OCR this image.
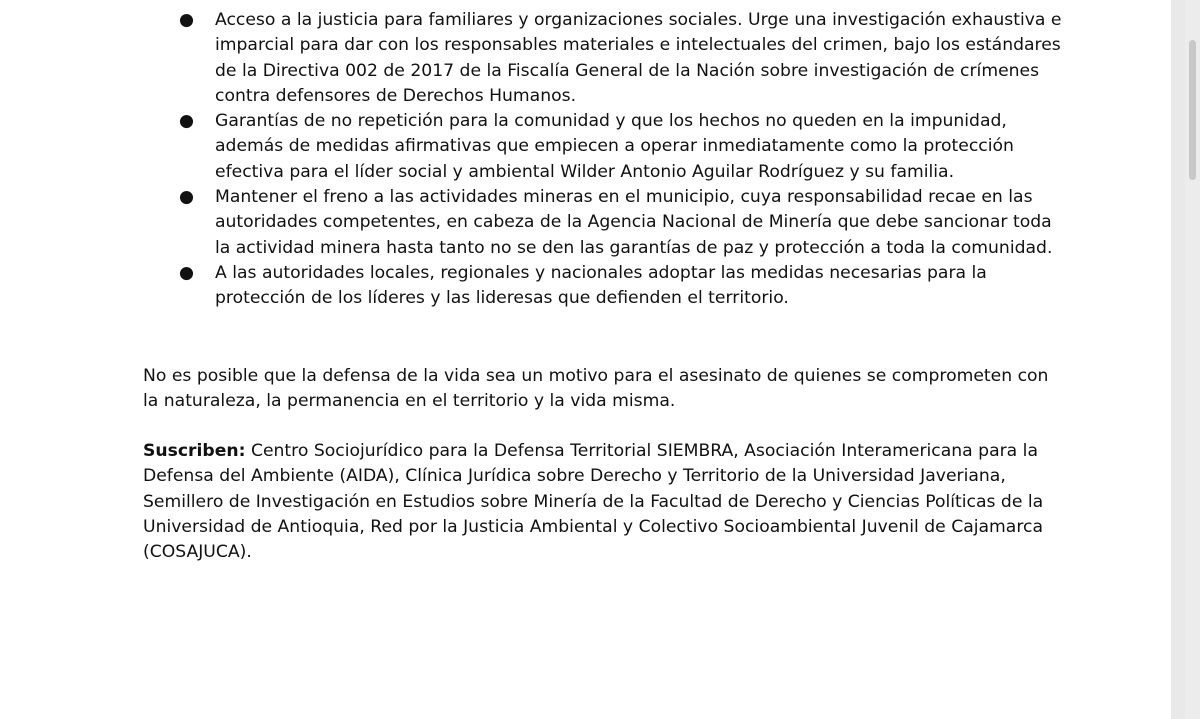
● Acceso a la justicia para familiares y organizaciones sociales. Urge una investigación exhaustiva e imparcial para dar con los responsables materiales e intelectuales del crimen, bajo los estándares de la Directiva 002 de 2017 de la Fiscalía General de la Nación sobre investigación de crímenes contra defensores de Derechos Humanos.
● Garantías de no repetición para la comunidad y que los hechos no queden en la impunidad, además de medidas afirmativas que empiecen a operar inmediatamente como la protección efectiva para el líder social y ambiental Wilder Antonio Aguilar Rodríguez y su familia.
● Mantener el freno a las actividades mineras en el municipio, cuya responsabilidad recae en las autoridades competentes, en cabeza de la Agencia Nacional de Minería que debe sancionar toda la actividad minera hasta tanto no se den las garantías de paz y protección a toda la comunidad.
● A las autoridades locales, regionales y nacionales adoptar las medidas necesarias para la protección de los líderes y las lideresas que defienden el territorio.

No es posible que la defensa de la vida sea un motivo para el asesinato de quienes se comprometen con la naturaleza, la permanencia en el territorio y la vida misma.

Suscriben: Centro Sociojurídico para la Defensa Territorial SIEMBRA, Asociación Interamericana para la Defensa del Ambiente (AIDA), Clínica Jurídica sobre Derecho y Territorio de la Universidad Javeriana, Semillero de Investigación en Estudios sobre Minería de la Facultad de Derecho y Ciencias Políticas de la Universidad de Antioquia, Red por la Justicia Ambiental y Colectivo Socioambiental Juvenil de Cajamarca (COSAJUCA).
